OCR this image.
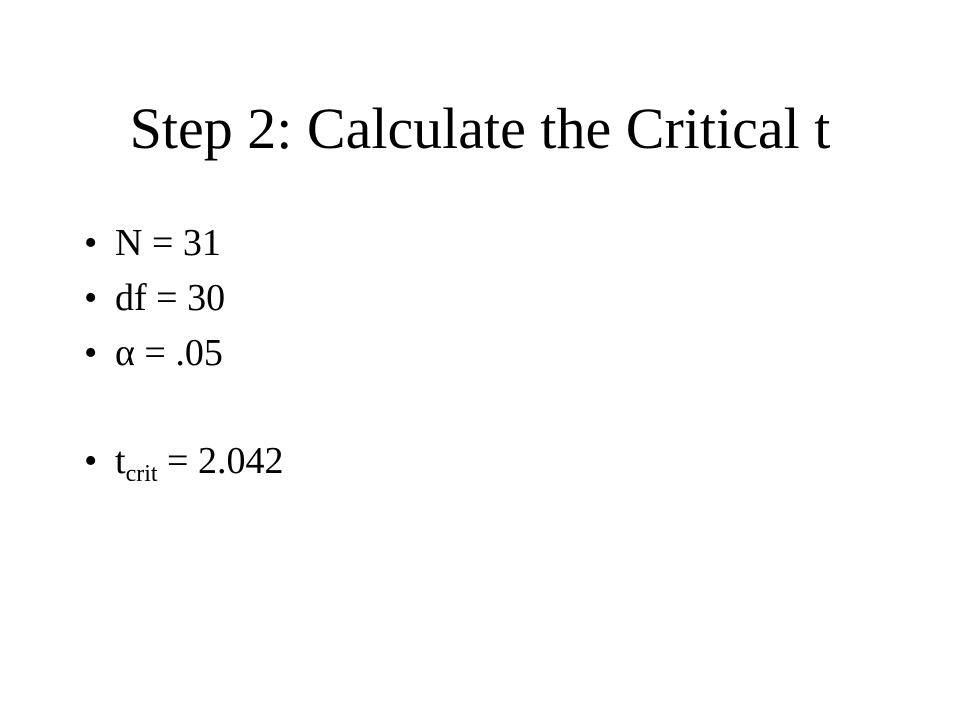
Step 2: Calculate the Critical t
• N = 31
• df = 30
• α = .05
• $t_{crit} = 2.042$
